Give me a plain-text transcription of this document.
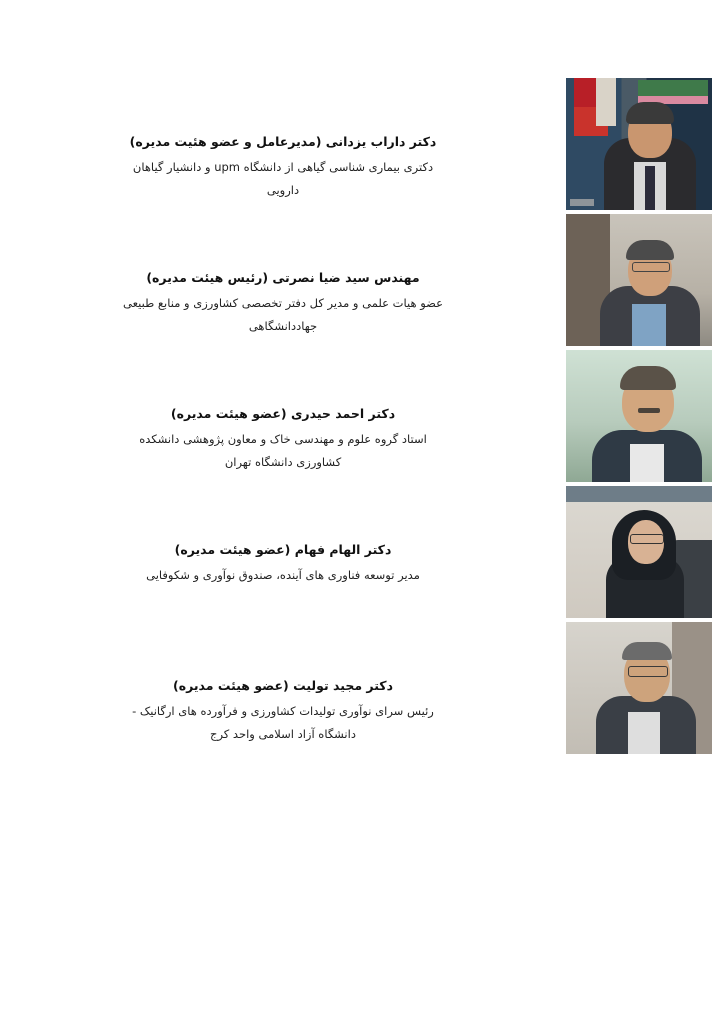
دکتر داراب یزدانی (مدیرعامل و عضو هئیت مدیره)

دکتری بیماری شناسی گیاهی از دانشگاه upm و دانشیار گیاهان دارویی

مهندس سید ضیا نصرتی (رئیس هیئت مدیره)

عضو هیات علمی و مدیر کل دفتر تخصصی کشاورزی و منابع طبیعی جهاددانشگاهی

دکتر احمد حیدری (عضو هیئت مدیره)

استاد گروه علوم و مهندسی خاک و معاون پژوهشی دانشکده کشاورزی دانشگاه تهران

دکتر الهام فهام (عضو هیئت مدیره)

مدیر توسعه فناوری های آینده، صندوق نوآوری و شکوفایی

دکتر مجید تولیت (عضو هیئت مدیره)

رئیس سرای نوآوری تولیدات کشاورزی و فرآورده های ارگانیک - دانشگاه آزاد اسلامی واحد کرج
